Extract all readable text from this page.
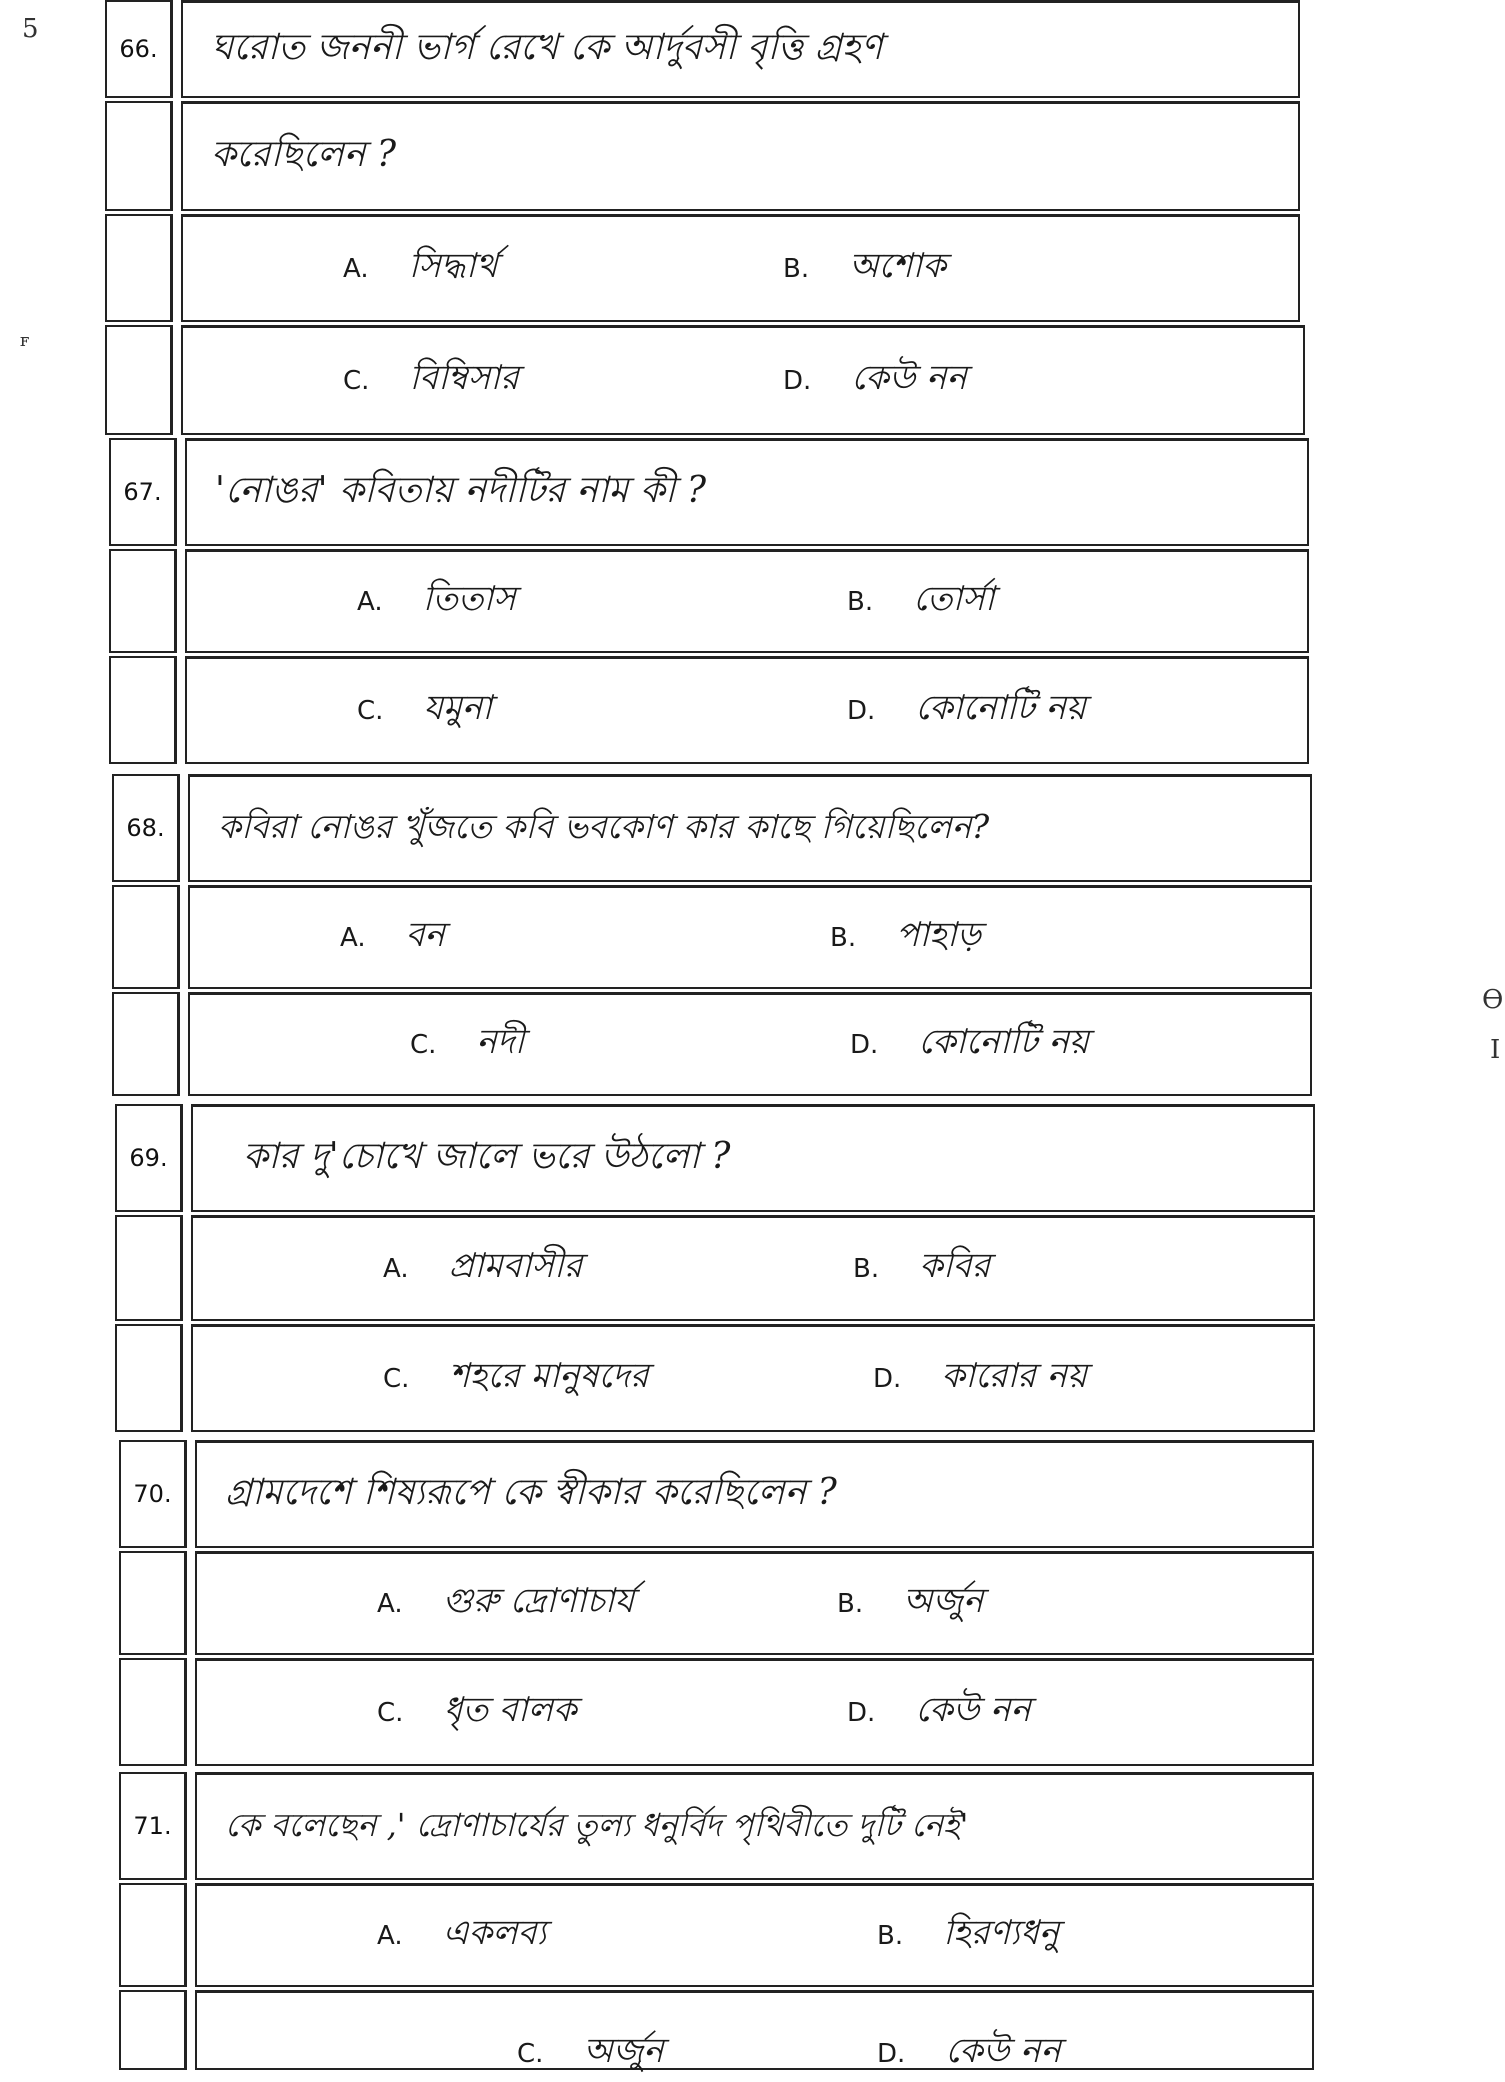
5
ꜰ
ϴ
I
66.	ঘরোত জননী ভার্গ রেখে কে আর্দুবসী বৃত্তি গ্রহণ
করেছিলেন ?
A. সিদ্ধার্থ	B. অশোক
C. বিম্বিসার	D. কেউ নন
67.	'নোঙর' কবিতায় নদীটির নাম কী ?
A. তিতাস	B. তোর্সা
C. যমুনা	D. কোনোটি নয়
68.	কবিরা নোঙর খুঁজতে কবি ভবকোণ কার কাছে গিয়েছিলেন?
A. বন	B. পাহাড়
C. নদী	D. কোনোটি নয়
69.	কার দু'চোখে জালে ভরে উঠলো ?
A. প্রামবাসীর	B. কবির
C. শহরে মানুষদের	D. কারোর নয়
70.	গ্রামদেশে শিষ্যরূপে কে স্বীকার করেছিলেন ?
A. গুরু দ্রোণাচার্য	B. অর্জুন
C. ধৃত বালক	D. কেউ নন
71.	কে বলেছেন ,' দ্রোণাচার্যের তুল্য ধনুর্বিদ পৃথিবীতে দুটি নেই'
A. একলব্য	B. হিরণ্যধনু
C. অর্জুন	D. কেউ নন
